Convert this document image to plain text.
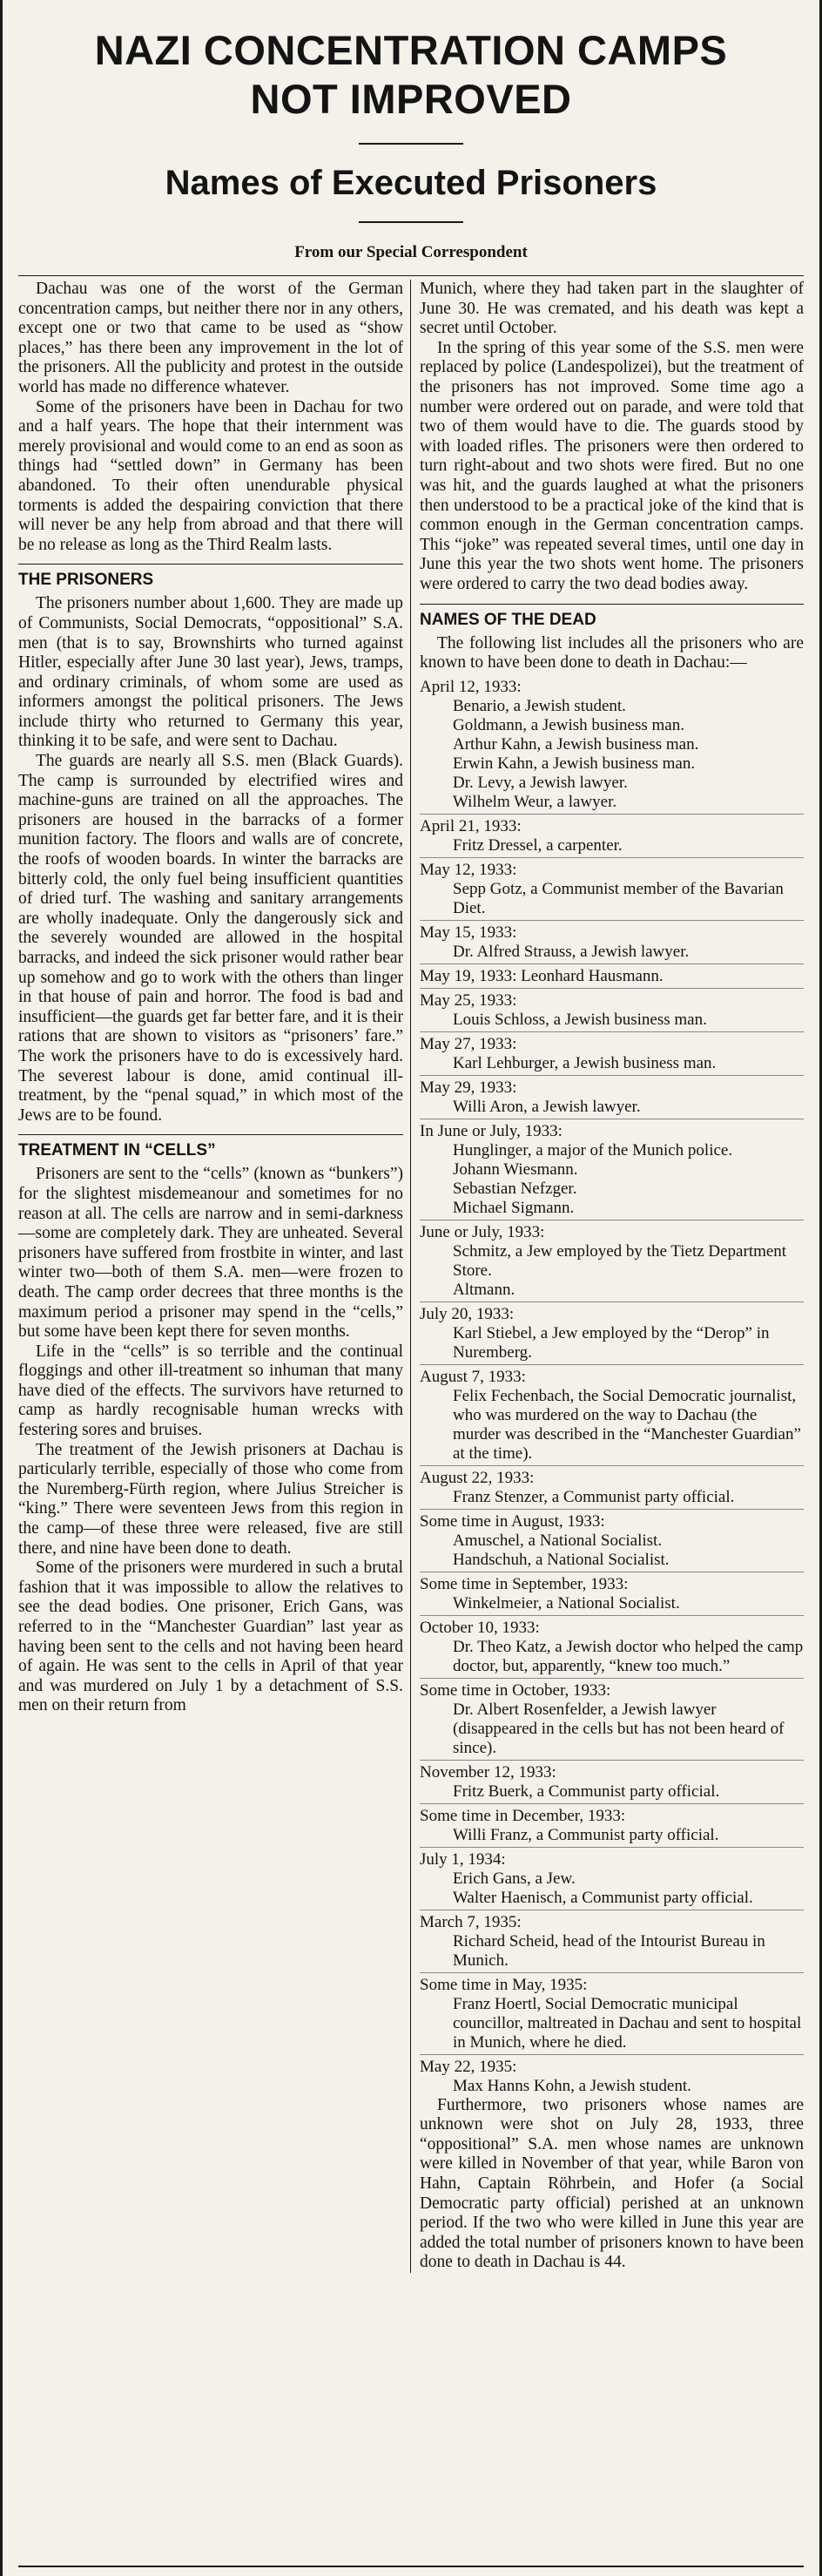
NAZI CONCENTRATION CAMPS
NOT IMPROVED
Names of Executed Prisoners
From our Special Correspondent

Dachau was one of the worst of the German concentration camps, but neither there nor in any others, except one or two that came to be used as “show places,” has there been any improvement in the lot of the prisoners. All the publicity and protest in the outside world has made no difference whatever.

Some of the prisoners have been in Dachau for two and a half years. The hope that their internment was merely provisional and would come to an end as soon as things had “settled down” in Germany has been abandoned. To their often unendurable physical torments is added the despairing conviction that there will never be any help from abroad and that there will be no release as long as the Third Realm lasts.

THE PRISONERS

The prisoners number about 1,600. They are made up of Communists, Social Democrats, “oppositional” S.A. men (that is to say, Brownshirts who turned against Hitler, especially after June 30 last year), Jews, tramps, and ordinary criminals, of whom some are used as informers amongst the political prisoners. The Jews include thirty who returned to Germany this year, thinking it to be safe, and were sent to Dachau.

The guards are nearly all S.S. men (Black Guards). The camp is surrounded by electrified wires and machine-guns are trained on all the approaches. The prisoners are housed in the barracks of a former munition factory. The floors and walls are of concrete, the roofs of wooden boards. In winter the barracks are bitterly cold, the only fuel being insufficient quantities of dried turf. The washing and sanitary arrangements are wholly inadequate. Only the dangerously sick and the severely wounded are allowed in the hospital barracks, and indeed the sick prisoner would rather bear up somehow and go to work with the others than linger in that house of pain and horror. The food is bad and insufficient—the guards get far better fare, and it is their rations that are shown to visitors as “prisoners’ fare.” The work the prisoners have to do is excessively hard. The severest labour is done, amid continual ill-treatment, by the “penal squad,” in which most of the Jews are to be found.

TREATMENT IN “CELLS”

Prisoners are sent to the “cells” (known as “bunkers”) for the slightest misdemeanour and sometimes for no reason at all. The cells are narrow and in semi-darkness—some are completely dark. They are unheated. Several prisoners have suffered from frostbite in winter, and last winter two—both of them S.A. men—were frozen to death. The camp order decrees that three months is the maximum period a prisoner may spend in the “cells,” but some have been kept there for seven months.

Life in the “cells” is so terrible and the continual floggings and other ill-treatment so inhuman that many have died of the effects. The survivors have returned to camp as hardly recognisable human wrecks with festering sores and bruises.

The treatment of the Jewish prisoners at Dachau is particularly terrible, especially of those who come from the Nuremberg-Fürth region, where Julius Streicher is “king.” There were seventeen Jews from this region in the camp—of these three were released, five are still there, and nine have been done to death.

Some of the prisoners were murdered in such a brutal fashion that it was impossible to allow the relatives to see the dead bodies. One prisoner, Erich Gans, was referred to in the “Manchester Guardian” last year as having been sent to the cells and not having been heard of again. He was sent to the cells in April of that year and was murdered on July 1 by a detachment of S.S. men on their return from

Munich, where they had taken part in the slaughter of June 30. He was cremated, and his death was kept a secret until October.

In the spring of this year some of the S.S. men were replaced by police (Landespolizei), but the treatment of the prisoners has not improved. Some time ago a number were ordered out on parade, and were told that two of them would have to die. The guards stood by with loaded rifles. The prisoners were then ordered to turn right-about and two shots were fired. But no one was hit, and the guards laughed at what the prisoners then understood to be a practical joke of the kind that is common enough in the German concentration camps. This “joke” was repeated several times, until one day in June this year the two shots went home. The prisoners were ordered to carry the two dead bodies away.

NAMES OF THE DEAD

The following list includes all the prisoners who are known to have been done to death in Dachau:—

April 12, 1933:
Benario, a Jewish student.
Goldmann, a Jewish business man.
Arthur Kahn, a Jewish business man.
Erwin Kahn, a Jewish business man.
Dr. Levy, a Jewish lawyer.
Wilhelm Weur, a lawyer.
April 21, 1933:
Fritz Dressel, a carpenter.
May 12, 1933:
Sepp Gotz, a Communist member of the Bavarian Diet.
May 15, 1933:
Dr. Alfred Strauss, a Jewish lawyer.
May 19, 1933: Leonhard Hausmann.
May 25, 1933:
Louis Schloss, a Jewish business man.
May 27, 1933:
Karl Lehburger, a Jewish business man.
May 29, 1933:
Willi Aron, a Jewish lawyer.
In June or July, 1933:
Hunglinger, a major of the Munich police.
Johann Wiesmann.
Sebastian Nefzger.
Michael Sigmann.
June or July, 1933:
Schmitz, a Jew employed by the Tietz Department Store.
Altmann.
July 20, 1933:
Karl Stiebel, a Jew employed by the “Derop” in Nuremberg.
August 7, 1933:
Felix Fechenbach, the Social Democratic journalist, who was murdered on the way to Dachau (the murder was described in the “Manchester Guardian” at the time).
August 22, 1933:
Franz Stenzer, a Communist party official.
Some time in August, 1933:
Amuschel, a National Socialist.
Handschuh, a National Socialist.
Some time in September, 1933:
Winkelmeier, a National Socialist.
October 10, 1933:
Dr. Theo Katz, a Jewish doctor who helped the camp doctor, but, apparently, “knew too much.”
Some time in October, 1933:
Dr. Albert Rosenfelder, a Jewish lawyer (disappeared in the cells but has not been heard of since).
November 12, 1933:
Fritz Buerk, a Communist party official.
Some time in December, 1933:
Willi Franz, a Communist party official.
July 1, 1934:
Erich Gans, a Jew.
Walter Haenisch, a Communist party official.
March 7, 1935:
Richard Scheid, head of the Intourist Bureau in Munich.
Some time in May, 1935:
Franz Hoertl, Social Democratic municipal councillor, maltreated in Dachau and sent to hospital in Munich, where he died.
May 22, 1935:
Max Hanns Kohn, a Jewish student.

Furthermore, two prisoners whose names are unknown were shot on July 28, 1933, three “oppositional” S.A. men whose names are unknown were killed in November of that year, while Baron von Hahn, Captain Röhrbein, and Hofer (a Social Democratic party official) perished at an unknown period. If the two who were killed in June this year are added the total number of prisoners known to have been done to death in Dachau is 44.
